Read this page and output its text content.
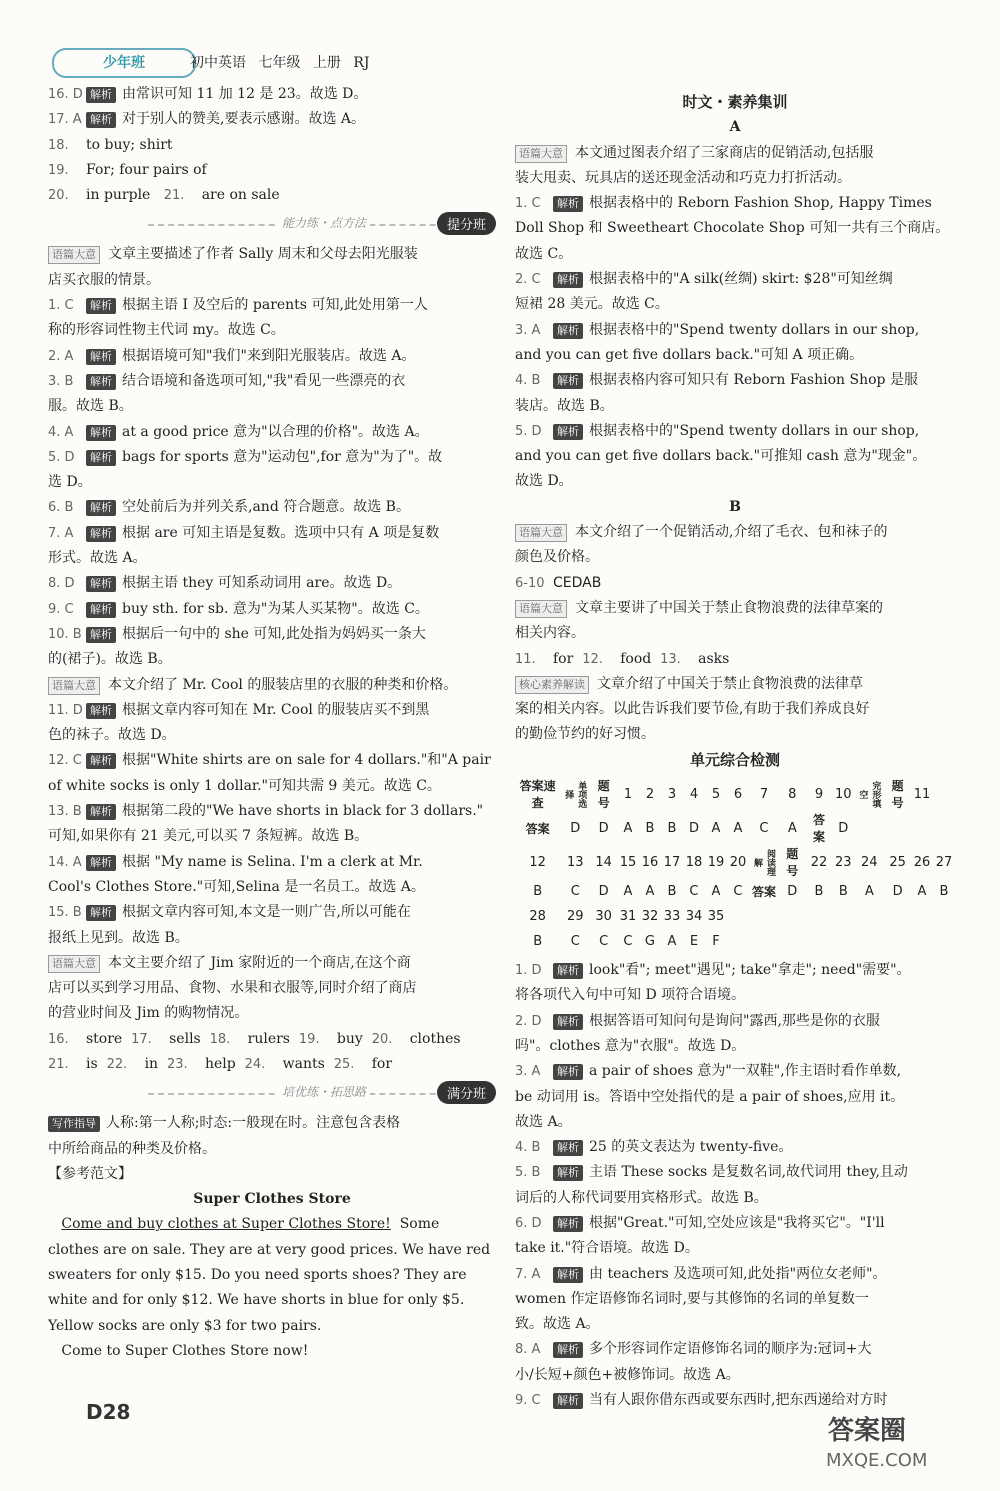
少年班	初中英语 七年级 上册 RJ
16. D 解析 由常识可知 11 加 12 是 23。故选 D。
17. A 解析 对于别人的赞美,要表示感谢。故选 A。
18. to buy; shirt
19. For; four pairs of
20. in purple 21. are on sale
能力练・点方法	提分班
语篇大意 文章主要描述了作者 Sally 周末和父母去阳光服装
店买衣服的情景。
1. C 解析 根据主语 I 及空后的 parents 可知,此处用第一人
称的形容词性物主代词 my。故选 C。
2. A 解析 根据语境可知"我们"来到阳光服装店。故选 A。
3. B 解析 结合语境和备选项可知,"我"看见一些漂亮的衣
服。故选 B。
4. A 解析 at a good price 意为"以合理的价格"。故选 A。
5. D 解析 bags for sports 意为"运动包",for 意为"为了"。故
选 D。
6. B 解析 空处前后为并列关系,and 符合题意。故选 B。
7. A 解析 根据 are 可知主语是复数。选项中只有 A 项是复数
形式。故选 A。
8. D 解析 根据主语 they 可知系动词用 are。故选 D。
9. C 解析 buy sth. for sb. 意为"为某人买某物"。故选 C。
10. B 解析 根据后一句中的 she 可知,此处指为妈妈买一条大
的(裙子)。故选 B。
语篇大意 本文介绍了 Mr. Cool 的服装店里的衣服的种类和价格。
11. D 解析 根据文章内容可知在 Mr. Cool 的服装店买不到黑
色的袜子。故选 D。
12. C 解析 根据"White shirts are on sale for 4 dollars."和"A pair
of white socks is only 1 dollar."可知共需 9 美元。故选 C。
13. B 解析 根据第二段的"We have shorts in black for 3 dollars."
可知,如果你有 21 美元,可以买 7 条短裤。故选 B。
14. A 解析 根据 "My name is Selina. I'm a clerk at Mr.
Cool's Clothes Store."可知,Selina 是一名员工。故选 A。
15. B 解析 根据文章内容可知,本文是一则广告,所以可能在
报纸上见到。故选 B。
语篇大意 本文主要介绍了 Jim 家附近的一个商店,在这个商
店可以买到学习用品、食物、水果和衣服等,同时介绍了商店
的营业时间及 Jim 的购物情况。
16. store 17. sells 18. rulers 19. buy 20. clothes
21. is 22. in 23. help 24. wants 25. for
培优练・拓思路	满分班
写作指导 人称:第一人称;时态:一般现在时。注意包含表格
中所给商品的种类及价格。
【参考范文】
Super Clothes Store
Come and buy clothes at Super Clothes Store! Some
clothes are on sale. They are at very good prices. We have red
sweaters for only $15. Do you need sports shoes? They are
white and for only $12. We have shorts in blue for only $5.
Yellow socks are only $3 for two pairs.
Come to Super Clothes Store now!
时文・素养集训
A
语篇大意 本文通过图表介绍了三家商店的促销活动,包括服
装大甩卖、玩具店的送还现金活动和巧克力打折活动。
1. C 解析 根据表格中的 Reborn Fashion Shop, Happy Times
Doll Shop 和 Sweetheart Chocolate Shop 可知一共有三个商店。
故选 C。
2. C 解析 根据表格中的"A silk(丝绸) skirt: $28"可知丝绸
短裙 28 美元。故选 C。
3. A 解析 根据表格中的"Spend twenty dollars in our shop,
and you can get five dollars back."可知 A 项正确。
4. B 解析 根据表格内容可知只有 Reborn Fashion Shop 是服
装店。故选 B。
5. D 解析 根据表格中的"Spend twenty dollars in our shop,
and you can get five dollars back."可推知 cash 意为"现金"。
故选 D。
B
语篇大意 本文介绍了一个促销活动,介绍了毛衣、包和袜子的
颜色及价格。
6-10 CEDAB
语篇大意 文章主要讲了中国关于禁止食物浪费的法律草案的
相关内容。
11. for 12. food 13. asks
核心素养解读 文章介绍了中国关于禁止食物浪费的法律草
案的相关内容。以此告诉我们要节俭,有助于我们养成良好
的勤俭节约的好习惯。
单元综合检测
答案速查	单项选择	题号	1	2	3	4	5	6	7	8	9	10	完形填空	题号	11	
答案	D	D	A	B	B	D	A	A	C	A	答案	D				
12	13	14	15	16	17	18	19	20	阅读理解	题号	22	23	24	25	26	27
B	C	D	A	A	B	C	A	C	答案	D	B	B	A	D	A	B
28	29	30	31	32	33	34	35									
B	C	C	C	G	A	E	F									
1. D 解析 look"看"; meet"遇见"; take"拿走"; need"需要"。
将各项代入句中可知 D 项符合语境。
2. D 解析 根据答语可知问句是询问"露西,那些是你的衣服
吗"。clothes 意为"衣服"。故选 D。
3. A 解析 a pair of shoes 意为"一双鞋",作主语时看作单数,
be 动词用 is。答语中空处指代的是 a pair of shoes,应用 it。
故选 A。
4. B 解析 25 的英文表达为 twenty-five。
5. B 解析 主语 These socks 是复数名词,故代词用 they,且动
词后的人称代词要用宾格形式。故选 B。
6. D 解析 根据"Great."可知,空处应该是"我将买它"。"I'll
take it."符合语境。故选 D。
7. A 解析 由 teachers 及选项可知,此处指"两位女老师"。
women 作定语修饰名词时,要与其修饰的名词的单复数一
致。故选 A。
8. A 解析 多个形容词作定语修饰名词的顺序为:冠词+大
小/长短+颜色+被修饰词。故选 A。
9. C 解析 当有人跟你借东西或要东西时,把东西递给对方时
D28
答案圈
MXQE.COM
